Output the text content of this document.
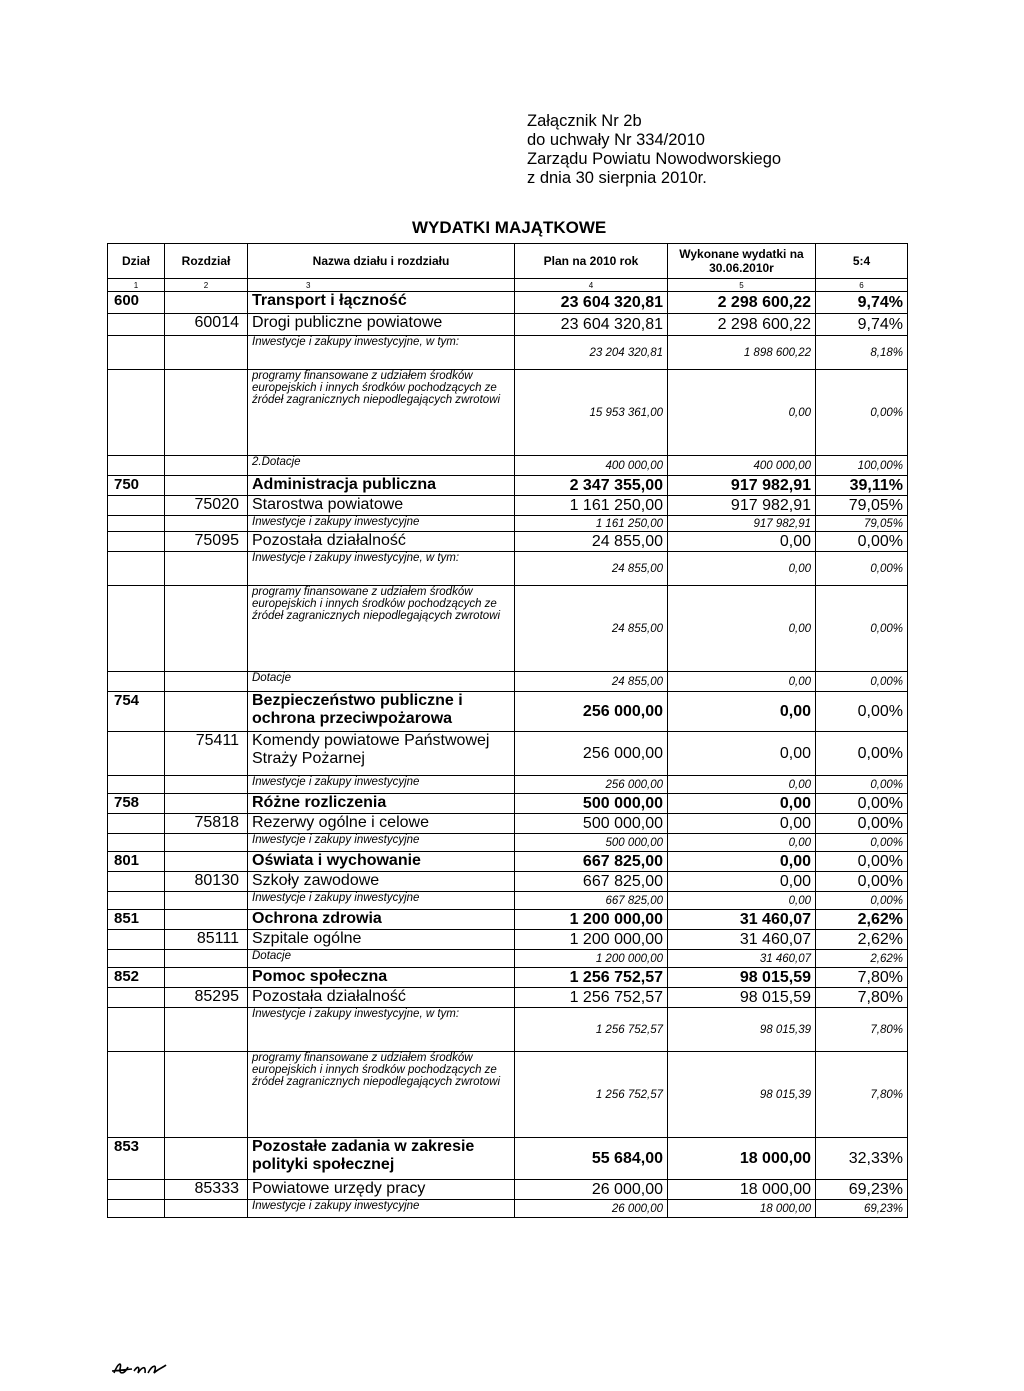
Załącznik Nr 2b
do uchwały Nr 334/2010
Zarządu Powiatu Nowodworskiego
z dnia 30 sierpnia 2010r.
WYDATKI MAJĄTKOWE
Dział	Rozdział	Nazwa działu i rozdziału	Plan na 2010 rok	Wykonane wydatki na 30.06.2010r	5:4
1	2	3	4	5	6
600		Transport i łączność	23 604 320,81	2 298 600,22	9,74%
	60014	Drogi publiczne powiatowe	23 604 320,81	2 298 600,22	9,74%
		Inwestycje i zakupy inwestycyjne, w tym:	23 204 320,81	1 898 600,22	8,18%
		programy finansowane z udziałem środków europejskich i innych środków pochodzących ze źródeł zagranicznych niepodlegających zwrotowi	15 953 361,00	0,00	0,00%
		2.Dotacje	400 000,00	400 000,00	100,00%
750		Administracja publiczna	2 347 355,00	917 982,91	39,11%
	75020	Starostwa powiatowe	1 161 250,00	917 982,91	79,05%
		Inwestycje i zakupy inwestycyjne	1 161 250,00	917 982,91	79,05%
	75095	Pozostała działalność	24 855,00	0,00	0,00%
		Inwestycje i zakupy inwestycyjne, w tym:	24 855,00	0,00	0,00%
		programy finansowane z udziałem środków europejskich i innych środków pochodzących ze źródeł zagranicznych niepodlegających zwrotowi	24 855,00	0,00	0,00%
		Dotacje	24 855,00	0,00	0,00%
754		Bezpieczeństwo publiczne i ochrona przeciwpożarowa	256 000,00	0,00	0,00%
	75411	Komendy powiatowe Państwowej Straży Pożarnej	256 000,00	0,00	0,00%
		Inwestycje i zakupy inwestycyjne	256 000,00	0,00	0,00%
758		Różne rozliczenia	500 000,00	0,00	0,00%
	75818	Rezerwy ogólne i celowe	500 000,00	0,00	0,00%
		Inwestycje i zakupy inwestycyjne	500 000,00	0,00	0,00%
801		Oświata i wychowanie	667 825,00	0,00	0,00%
	80130	Szkoły zawodowe	667 825,00	0,00	0,00%
		Inwestycje i zakupy inwestycyjne	667 825,00	0,00	0,00%
851		Ochrona zdrowia	1 200 000,00	31 460,07	2,62%
	85111	Szpitale ogólne	1 200 000,00	31 460,07	2,62%
		Dotacje	1 200 000,00	31 460,07	2,62%
852		Pomoc społeczna	1 256 752,57	98 015,59	7,80%
	85295	Pozostała działalność	1 256 752,57	98 015,59	7,80%
		Inwestycje i zakupy inwestycyjne, w tym:	1 256 752,57	98 015,39	7,80%
		programy finansowane z udziałem środków europejskich i innych środków pochodzących ze źródeł zagranicznych niepodlegających zwrotowi	1 256 752,57	98 015,39	7,80%
853		Pozostałe zadania w zakresie polityki społecznej	55 684,00	18 000,00	32,33%
	85333	Powiatowe urzędy pracy	26 000,00	18 000,00	69,23%
		Inwestycje i zakupy inwestycyjne	26 000,00	18 000,00	69,23%
